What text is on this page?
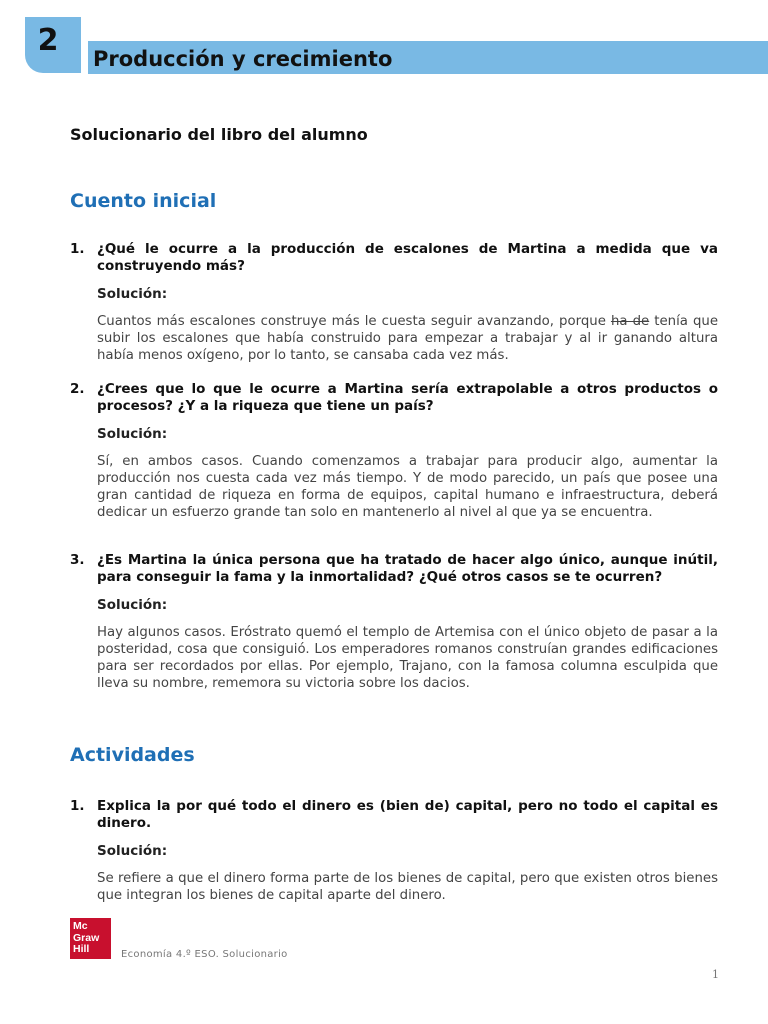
2
Producción y crecimiento
Solucionario del libro del alumno
Cuento inicial
1. ¿Qué le ocurre a la producción de escalones de Martina a medida que va construyendo más?

Solución:
Cuantos más escalones construye más le cuesta seguir avanzando, porque ha de tenía que subir los escalones que había construido para empezar a trabajar y al ir ganando altura había menos oxígeno, por lo tanto, se cansaba cada vez más.
2. ¿Crees que lo que le ocurre a Martina sería extrapolable a otros productos o procesos? ¿Y a la riqueza que tiene un país?

Solución:
Sí, en ambos casos. Cuando comenzamos a trabajar para producir algo, aumentar la producción nos cuesta cada vez más tiempo. Y de modo parecido, un país que posee una gran cantidad de riqueza en forma de equipos, capital humano e infraestructura, deberá dedicar un esfuerzo grande tan solo en mantenerlo al nivel al que ya se encuentra.
3. ¿Es Martina la única persona que ha tratado de hacer algo único, aunque inútil, para conseguir la fama y la inmortalidad? ¿Qué otros casos se te ocurren?

Solución:
Hay algunos casos. Eróstrato quemó el templo de Artemisa con el único objeto de pasar a la posteridad, cosa que consiguió. Los emperadores romanos construían grandes edificaciones para ser recordados por ellas. Por ejemplo, Trajano, con la famosa columna esculpida que lleva su nombre, rememora su victoria sobre los dacios.
Actividades
1. Explica la por qué todo el dinero es (bien de) capital, pero no todo el capital es dinero.

Solución:
Se refiere a que el dinero forma parte de los bienes de capital, pero que existen otros bienes que integran los bienes de capital aparte del dinero.
Mc
Graw
Hill	Economía 4.º ESO. Solucionario
1
